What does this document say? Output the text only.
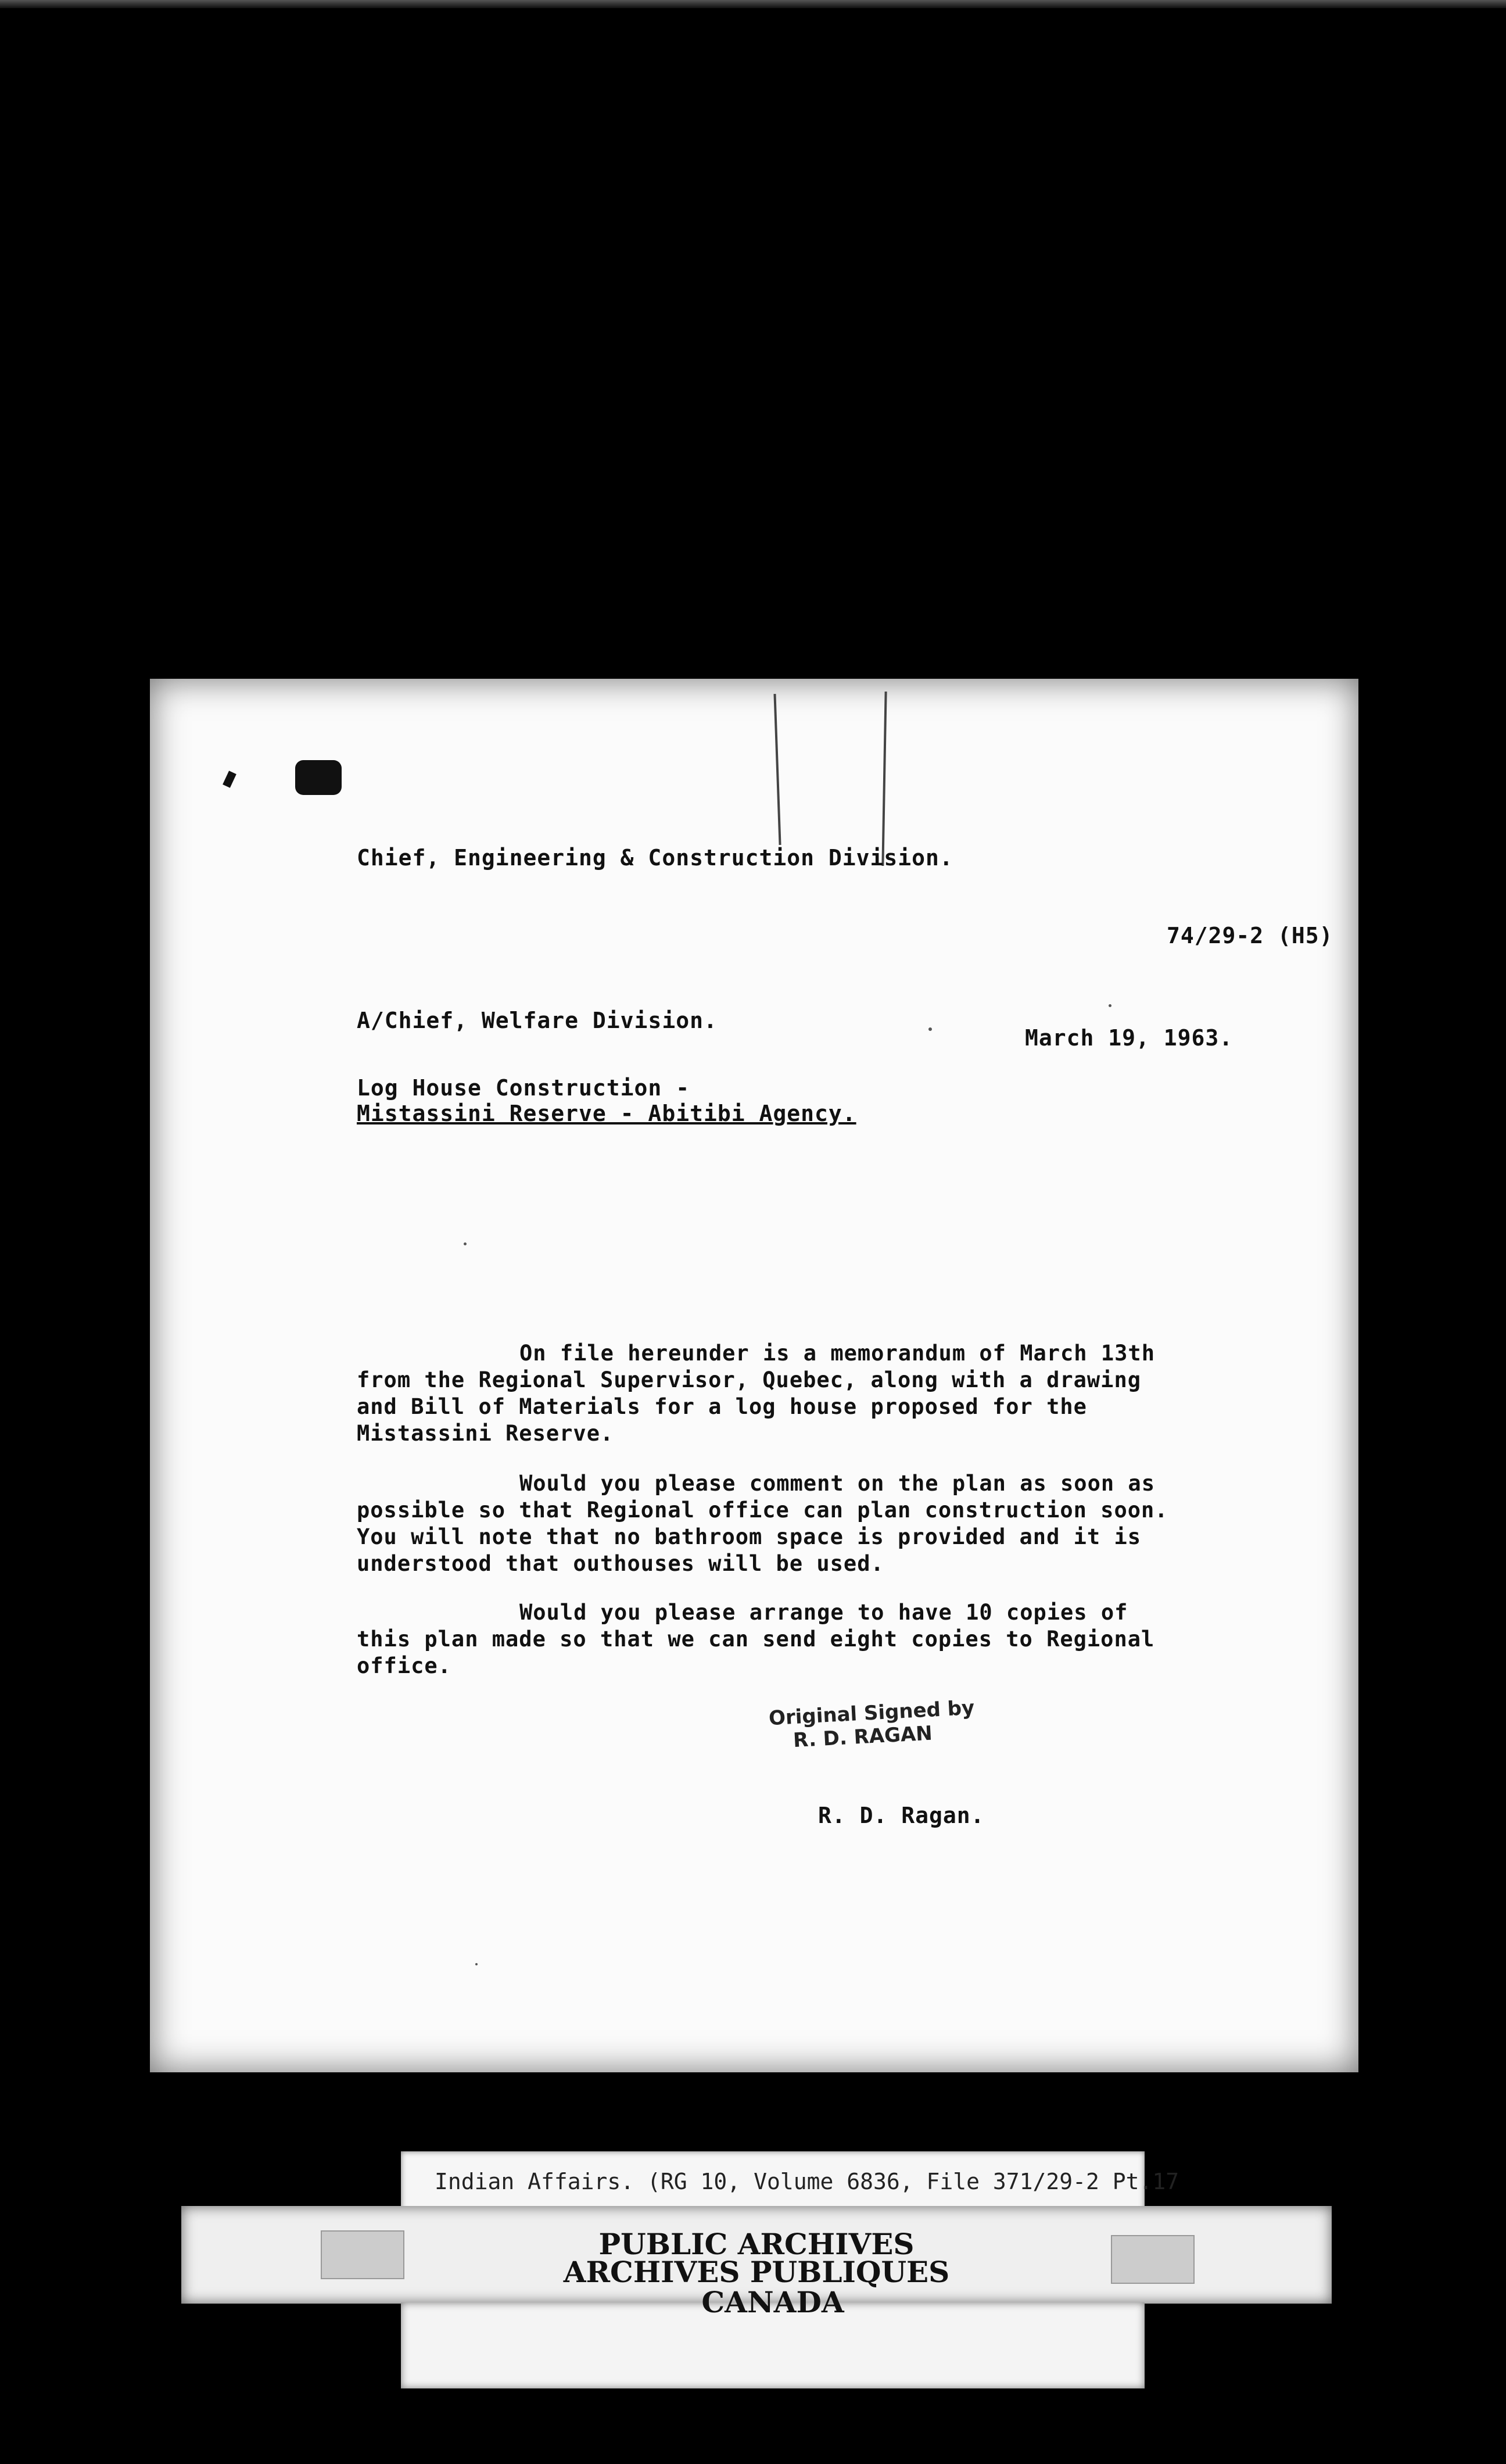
Chief, Engineering & Construction Division.
74/29-2 (H5)
A/Chief, Welfare Division.
March 19, 1963.
Log House Construction -
Mistassini Reserve - Abitibi Agency.
On file hereunder is a memorandum of March 13th
from the Regional Supervisor, Quebec, along with a drawing
and Bill of Materials for a log house proposed for the
Mistassini Reserve.
Would you please comment on the plan as soon as
possible so that Regional office can plan construction soon.
You will note that no bathroom space is provided and it is
understood that outhouses will be used.
Would you please arrange to have 10 copies of
this plan made so that we can send eight copies to Regional
office.
Original Signed by
R. D. RAGAN
R. D. Ragan.
Indian Affairs. (RG 10, Volume 6836, File 371/29-2 Pt.17
PUBLIC ARCHIVES
ARCHIVES PUBLIQUES
CANADA
